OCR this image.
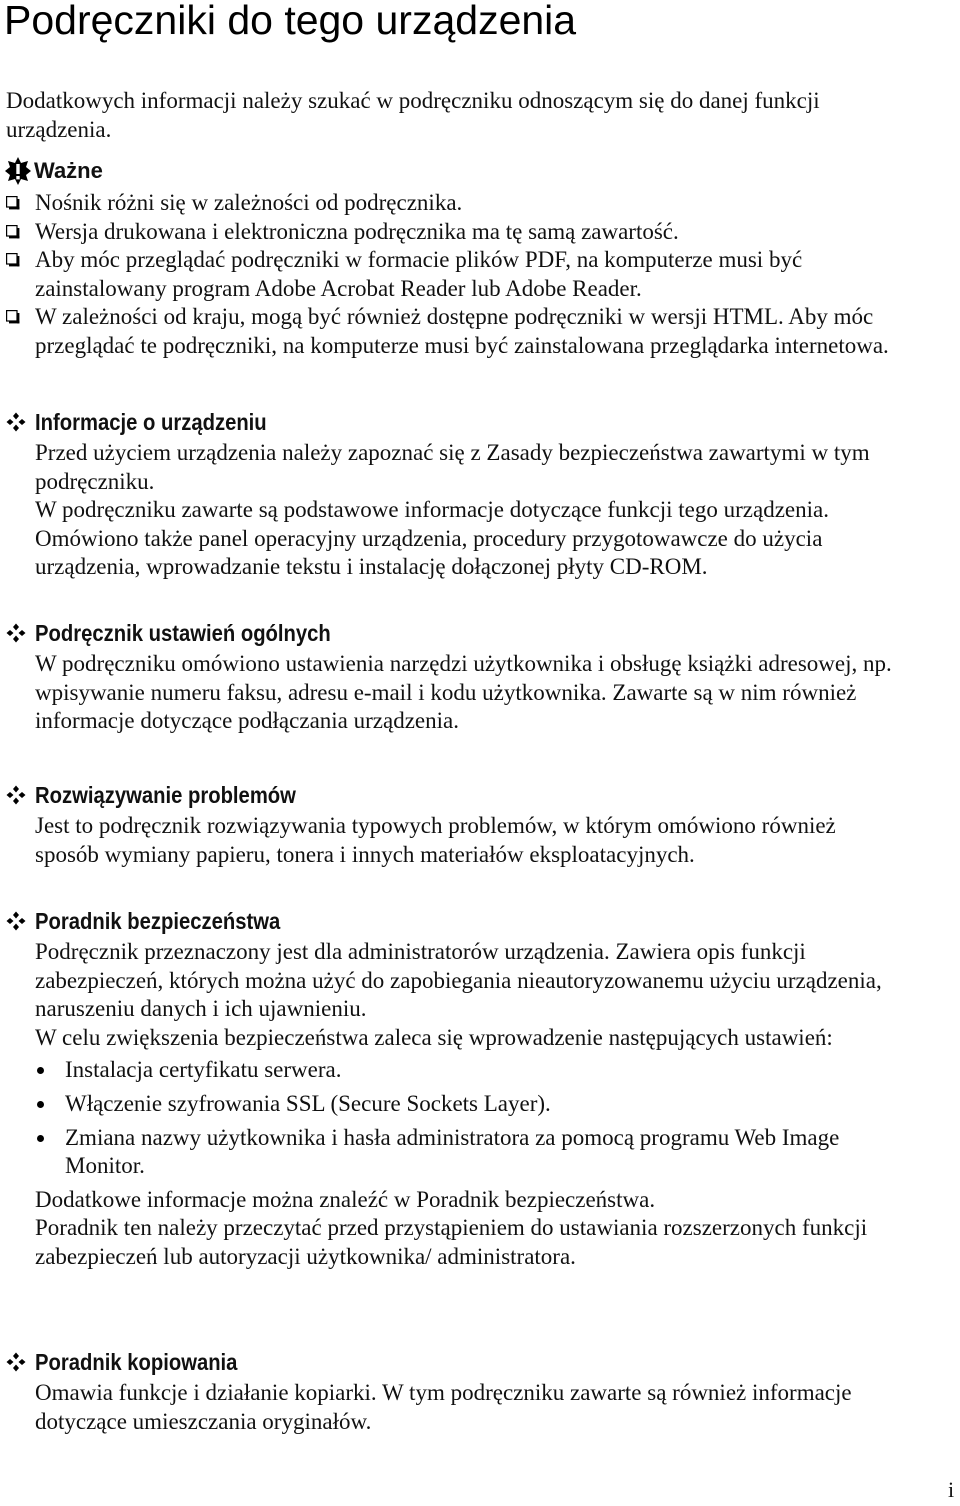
Podręczniki do tego urządzenia

Dodatkowych informacji należy szukać w podręczniku odnoszącym się do danej funkcji urządzenia.

Ważne
Nośnik różni się w zależności od podręcznika.
Wersja drukowana i elektroniczna podręcznika ma tę samą zawartość.
Aby móc przeglądać podręczniki w formacie plików PDF, na komputerze musi być zainstalowany program Adobe Acrobat Reader lub Adobe Reader.
W zależności od kraju, mogą być również dostępne podręczniki w wersji HTML. Aby móc przeglądać te podręczniki, na komputerze musi być zainstalowana przeglądarka internetowa.
Informacje o urządzeniu

Przed użyciem urządzenia należy zapoznać się z Zasady bezpieczeństwa zawartymi w tym podręczniku.

W podręczniku zawarte są podstawowe informacje dotyczące funkcji tego urządzenia. Omówiono także panel operacyjny urządzenia, procedury przygotowawcze do użycia urządzenia, wprowadzanie tekstu i instalację dołączonej płyty CD-ROM.

Podręcznik ustawień ogólnych

W podręczniku omówiono ustawienia narzędzi użytkownika i obsługę książki adresowej, np. wpisywanie numeru faksu, adresu e-mail i kodu użytkownika. Zawarte są w nim również informacje dotyczące podłączania urządzenia.

Rozwiązywanie problemów

Jest to podręcznik rozwiązywania typowych problemów, w którym omówiono również sposób wymiany papieru, tonera i innych materiałów eksploatacyjnych.

Poradnik bezpieczeństwa

Podręcznik przeznaczony jest dla administratorów urządzenia. Zawiera opis funkcji zabezpieczeń, których można użyć do zapobiegania nieautoryzowanemu użyciu urządzenia, naruszeniu danych i ich ujawnieniu.

W celu zwiększenia bezpieczeństwa zaleca się wprowadzenie następujących ustawień:

Instalacja certyfikatu serwera.
Włączenie szyfrowania SSL (Secure Sockets Layer).
Zmiana nazwy użytkownika i hasła administratora za pomocą programu Web Image Monitor.

Dodatkowe informacje można znaleźć w Poradnik bezpieczeństwa.

Poradnik ten należy przeczytać przed przystąpieniem do ustawiania rozszerzonych funkcji zabezpieczeń lub autoryzacji użytkownika/ administratora.

Poradnik kopiowania

Omawia funkcje i działanie kopiarki. W tym podręczniku zawarte są również informacje dotyczące umieszczania oryginałów.

i
